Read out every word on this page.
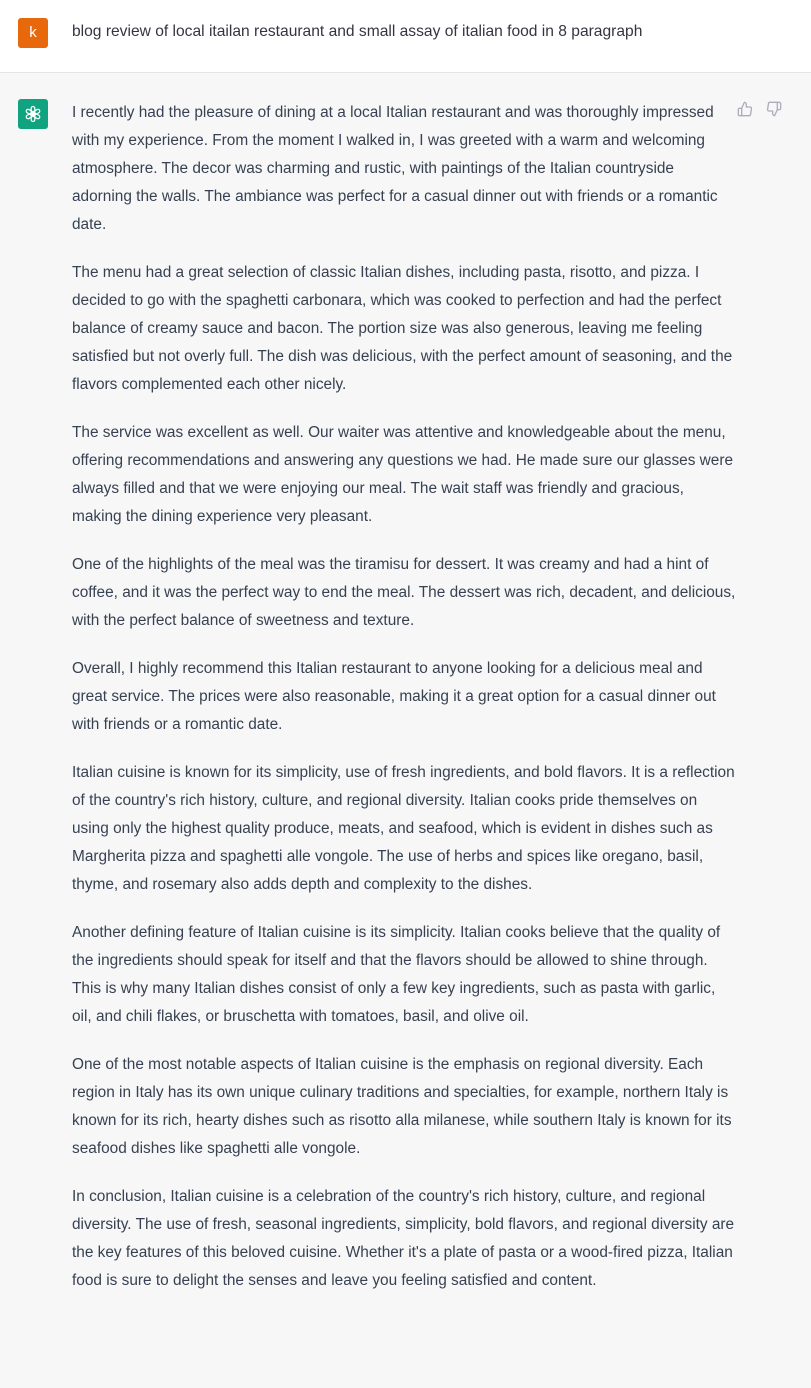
k	blog review of local itailan restaurant and small assay of italian food in 8 paragraph

I recently had the pleasure of dining at a local Italian restaurant and was thoroughly impressed with my experience. From the moment I walked in, I was greeted with a warm and welcoming atmosphere. The decor was charming and rustic, with paintings of the Italian countryside adorning the walls. The ambiance was perfect for a casual dinner out with friends or a romantic date.

The menu had a great selection of classic Italian dishes, including pasta, risotto, and pizza. I decided to go with the spaghetti carbonara, which was cooked to perfection and had the perfect balance of creamy sauce and bacon. The portion size was also generous, leaving me feeling satisfied but not overly full. The dish was delicious, with the perfect amount of seasoning, and the flavors complemented each other nicely.

The service was excellent as well. Our waiter was attentive and knowledgeable about the menu, offering recommendations and answering any questions we had. He made sure our glasses were always filled and that we were enjoying our meal. The wait staff was friendly and gracious, making the dining experience very pleasant.

One of the highlights of the meal was the tiramisu for dessert. It was creamy and had a hint of coffee, and it was the perfect way to end the meal. The dessert was rich, decadent, and delicious, with the perfect balance of sweetness and texture.

Overall, I highly recommend this Italian restaurant to anyone looking for a delicious meal and great service. The prices were also reasonable, making it a great option for a casual dinner out with friends or a romantic date.

Italian cuisine is known for its simplicity, use of fresh ingredients, and bold flavors. It is a reflection of the country's rich history, culture, and regional diversity. Italian cooks pride themselves on using only the highest quality produce, meats, and seafood, which is evident in dishes such as Margherita pizza and spaghetti alle vongole. The use of herbs and spices like oregano, basil, thyme, and rosemary also adds depth and complexity to the dishes.

Another defining feature of Italian cuisine is its simplicity. Italian cooks believe that the quality of the ingredients should speak for itself and that the flavors should be allowed to shine through. This is why many Italian dishes consist of only a few key ingredients, such as pasta with garlic, oil, and chili flakes, or bruschetta with tomatoes, basil, and olive oil.

One of the most notable aspects of Italian cuisine is the emphasis on regional diversity. Each region in Italy has its own unique culinary traditions and specialties, for example, northern Italy is known for its rich, hearty dishes such as risotto alla milanese, while southern Italy is known for its seafood dishes like spaghetti alle vongole.

In conclusion, Italian cuisine is a celebration of the country's rich history, culture, and regional diversity. The use of fresh, seasonal ingredients, simplicity, bold flavors, and regional diversity are the key features of this beloved cuisine. Whether it's a plate of pasta or a wood-fired pizza, Italian food is sure to delight the senses and leave you feeling satisfied and content.
